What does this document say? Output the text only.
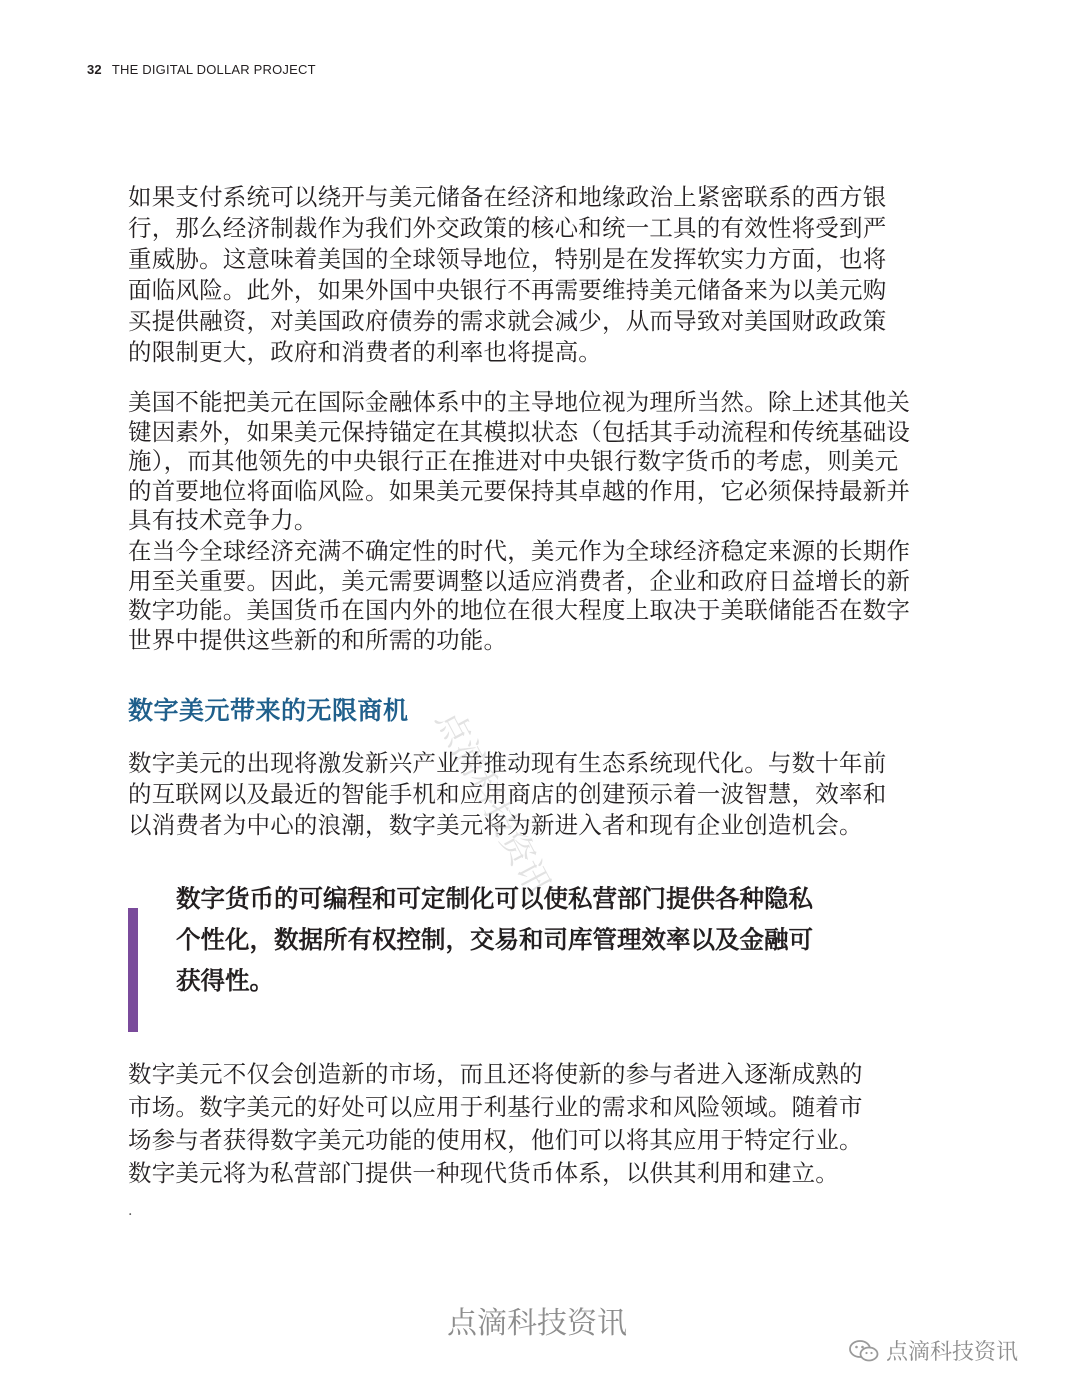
32 THE DIGITAL DOLLAR PROJECT
如果支付系统可以绕开与美元储备在经济和地缘政治上紧密联系的西方银
行，那么经济制裁作为我们外交政策的核心和统一工具的有效性将受到严
重威胁。这意味着美国的全球领导地位，特别是在发挥软实力方面，也将
面临风险。此外，如果外国中央银行不再需要维持美元储备来为以美元购
买提供融资，对美国政府债券的需求就会减少，从而导致对美国财政政策
的限制更大，政府和消费者的利率也将提高。
美国不能把美元在国际金融体系中的主导地位视为理所当然。除上述其他关
键因素外，如果美元保持锚定在其模拟状态（包括其手动流程和传统基础设
施），而其他领先的中央银行正在推进对中央银行数字货币的考虑，则美元
的首要地位将面临风险。如果美元要保持其卓越的作用，它必须保持最新并
具有技术竞争力。
在当今全球经济充满不确定性的时代，美元作为全球经济稳定来源的长期作
用至关重要。因此，美元需要调整以适应消费者，企业和政府日益增长的新
数字功能。美国货币在国内外的地位在很大程度上取决于美联储能否在数字
世界中提供这些新的和所需的功能。
数字美元带来的无限商机
数字美元的出现将激发新兴产业并推动现有生态系统现代化。与数十年前
的互联网以及最近的智能手机和应用商店的创建预示着一波智慧，效率和
以消费者为中心的浪潮，数字美元将为新进入者和现有企业创造机会。
数字货币的可编程和可定制化可以使私营部门提供各种隐私
个性化，数据所有权控制，交易和司库管理效率以及金融可
获得性。
数字美元不仅会创造新的市场，而且还将使新的参与者进入逐渐成熟的
市场。数字美元的好处可以应用于利基行业的需求和风险领域。随着市
场参与者获得数字美元功能的使用权，他们可以将其应用于特定行业。
数字美元将为私营部门提供一种现代货币体系，以供其利用和建立。
.
点滴科技资讯
点滴科技资讯
点滴科技资讯
